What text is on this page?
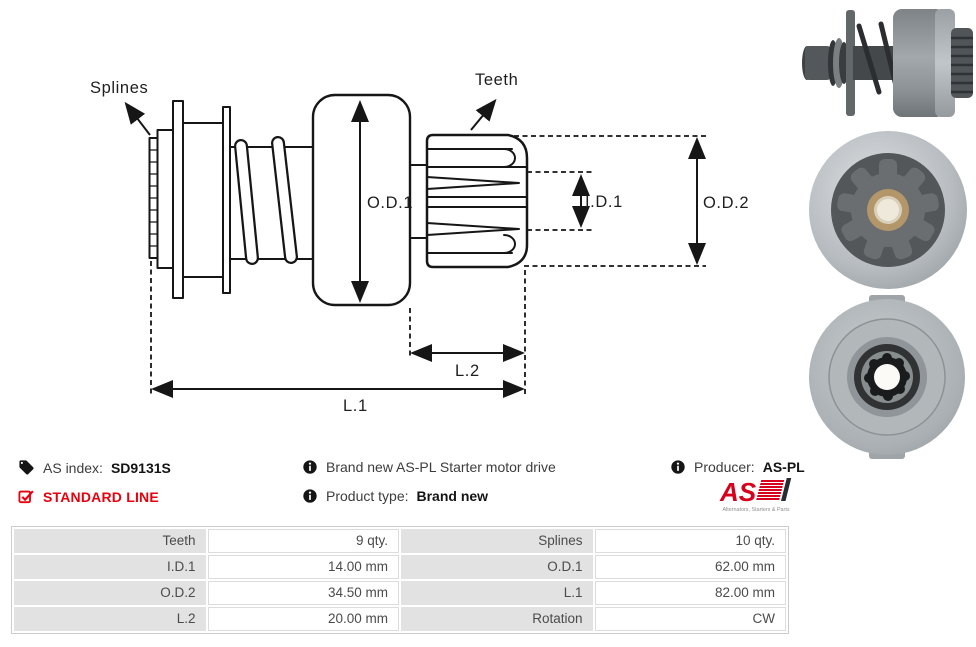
Splines	Teeth
O.D.1	I.D.1	O.D.2
L.2
L.1
AS index: SD9131S
STANDARD LINE
Brand new AS-PL Starter motor drive
Product type: Brand new
Producer: AS-PL
AS
Alternators, Starters & Parts
Teeth	9 qty.	Splines	10 qty.
I.D.1	14.00 mm	O.D.1	62.00 mm
O.D.2	34.50 mm	L.1	82.00 mm
L.2	20.00 mm	Rotation	CW
